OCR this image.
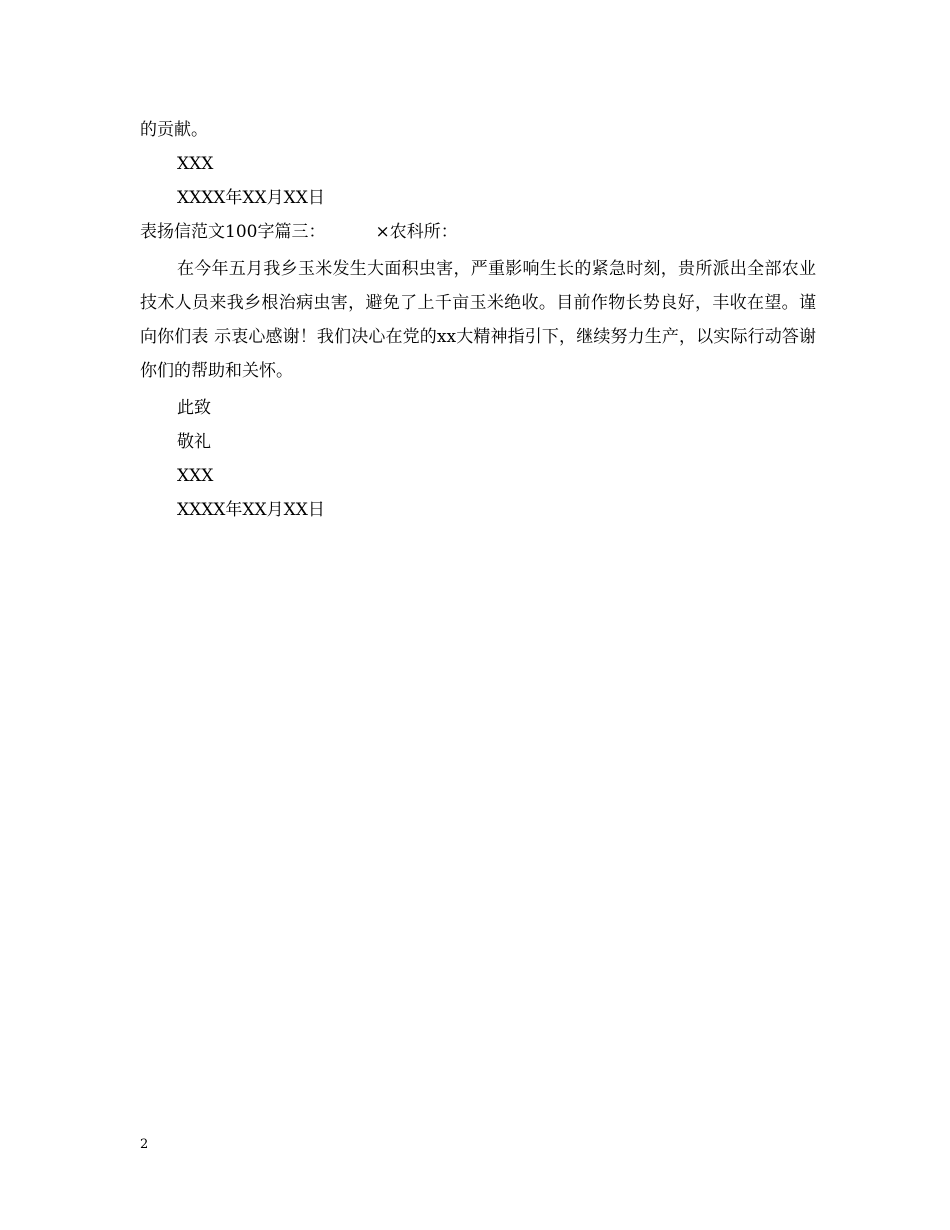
的贡献。
XXX
XXXX年XX月XX日
表扬信范文100字篇三：	×农科所：
在今年五月我乡玉米发生大面积虫害，严重影响生长的紧急时刻，贵所派出全部农业技术人员来我乡根治病虫害，避免了上千亩玉米绝收。目前作物长势良好，丰收在望。谨向你们表 示衷心感谢！我们决心在党的xx大精神指引下，继续努力生产，以实际行动答谢你们的帮助和关怀。
此致
敬礼
XXX
XXXX年XX月XX日
2
